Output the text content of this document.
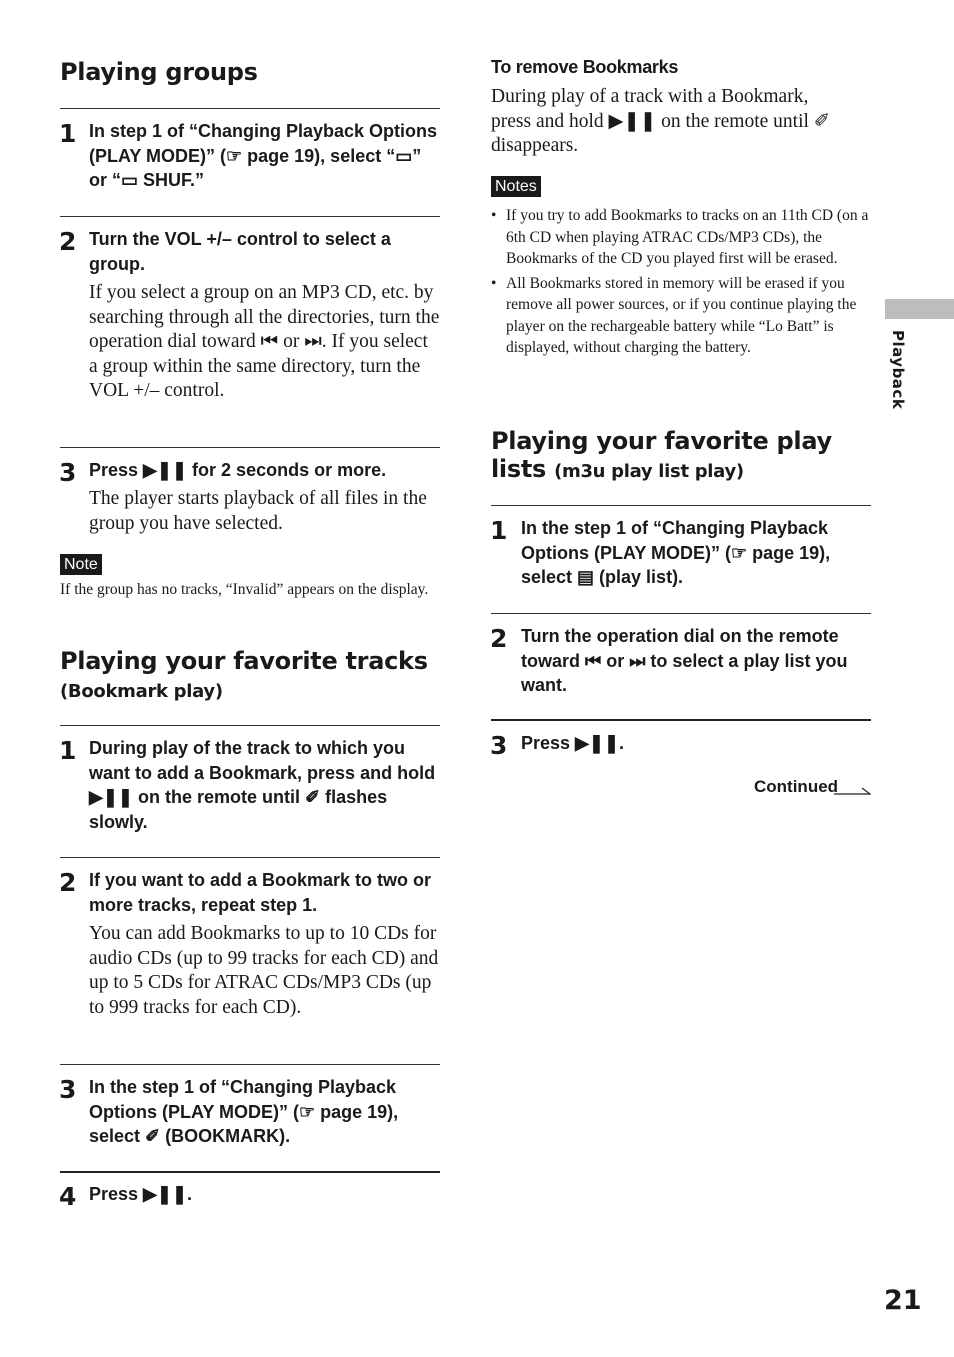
Playing groups
1 In step 1 of “Changing Playback Options (PLAY MODE)” (☞ page 19), select “▭” or “▭ SHUF.”
2 Turn the VOL +/– control to select a group.
If you select a group on an MP3 CD, etc. by searching through all the directories, turn the operation dial toward ⏮ or ⏭. If you select a group within the same directory, turn the VOL +/– control.
3 Press ▶❚❚ for 2 seconds or more.
The player starts playback of all files in the group you have selected.
Note
If the group has no tracks, “Invalid” appears on the display.
Playing your favorite tracks (Bookmark play)
1 During play of the track to which you want to add a Bookmark, press and hold ▶❚❚ on the remote until ✐ flashes slowly.
2 If you want to add a Bookmark to two or more tracks, repeat step 1.
You can add Bookmarks to up to 10 CDs for audio CDs (up to 99 tracks for each CD) and up to 5 CDs for ATRAC CDs/MP3 CDs (up to 999 tracks for each CD).
3 In the step 1 of “Changing Playback Options (PLAY MODE)” (☞ page 19), select ✐ (BOOKMARK).
4 Press ▶❚❚.
To remove Bookmarks
During play of a track with a Bookmark, press and hold ▶❚❚ on the remote until ✐ disappears.
Notes
• If you try to add Bookmarks to tracks on an 11th CD (on a 6th CD when playing ATRAC CDs/MP3 CDs), the Bookmarks of the CD you played first will be erased.
• All Bookmarks stored in memory will be erased if you remove all power sources, or if you continue playing the player on the rechargeable battery while “Lo Batt” is displayed, without charging the battery.
Playing your favorite play lists (m3u play list play)
1 In the step 1 of “Changing Playback Options (PLAY MODE)” (☞ page 19), select ▤ (play list).
2 Turn the operation dial on the remote toward ⏮ or ⏭ to select a play list you want.
3 Press ▶❚❚.
Continued
Playback
21
